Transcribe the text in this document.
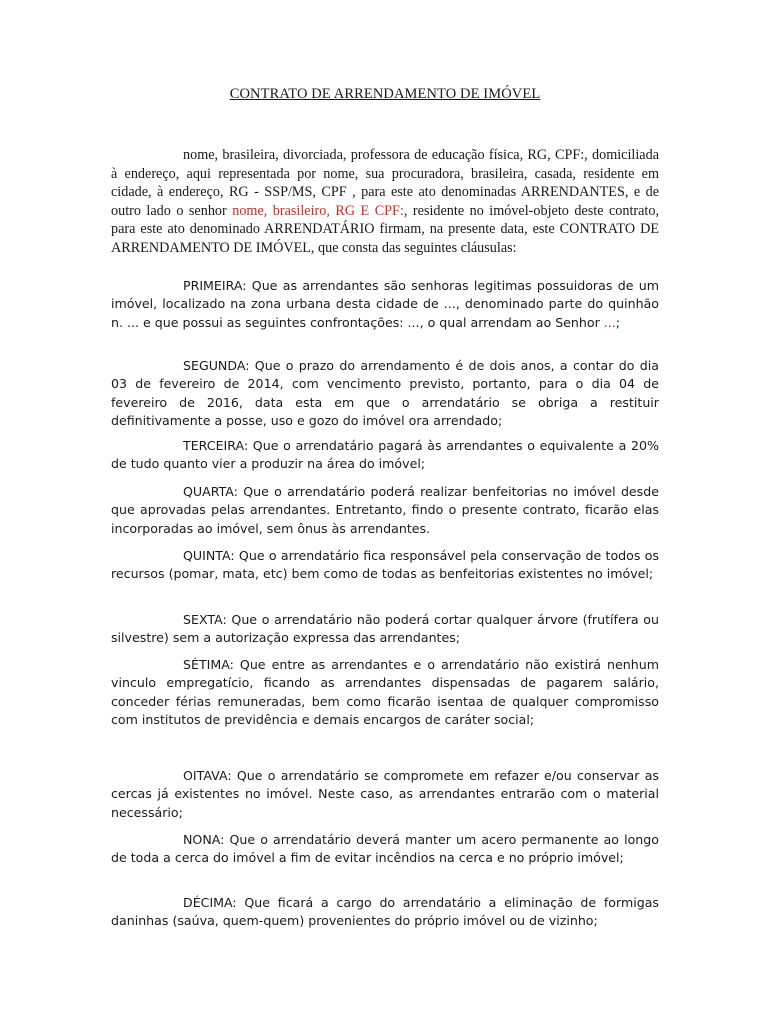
CONTRATO DE ARRENDAMENTO DE IMÓVEL

nome, brasileira, divorciada, professora de educação física, RG, CPF:, domiciliada à endereço, aqui representada por nome, sua procuradora, brasileira, casada, residente em cidade, à endereço, RG - SSP/MS, CPF , para este ato denominadas ARRENDANTES, e de outro lado o senhor nome, brasileiro, RG E CPF:, residente no imóvel-objeto deste contrato, para este ato denominado ARRENDATÁRIO firmam, na presente data, este CONTRATO DE ARRENDAMENTO DE IMÓVEL, que consta das seguintes cláusulas:

PRIMEIRA: Que as arrendantes são senhoras legitimas possuidoras de um imóvel, localizado na zona urbana desta cidade de ..., denominado parte do quinhão n. ... e que possui as seguintes confrontações: ..., o qual arrendam ao Senhor ...;

SEGUNDA: Que o prazo do arrendamento é de dois anos, a contar do dia 03 de fevereiro de 2014, com vencimento previsto, portanto, para o dia 04 de fevereiro de 2016, data esta em que o arrendatário se obriga a restituir definitivamente a posse, uso e gozo do imóvel ora arrendado;

TERCEIRA: Que o arrendatário pagará às arrendantes o equivalente a 20% de tudo quanto vier a produzir na área do imóvel;

QUARTA: Que o arrendatário poderá realizar benfeitorias no imóvel desde que aprovadas pelas arrendantes. Entretanto, findo o presente contrato, ficarão elas incorporadas ao imóvel, sem ônus às arrendantes.

QUINTA: Que o arrendatário fica responsável pela conservação de todos os recursos (pomar, mata, etc) bem como de todas as benfeitorias existentes no imóvel;

SEXTA: Que o arrendatário não poderá cortar qualquer árvore (frutífera ou silvestre) sem a autorização expressa das arrendantes;

SÉTIMA: Que entre as arrendantes e o arrendatário não existirá nenhum vinculo empregatício, ficando as arrendantes dispensadas de pagarem salário, conceder férias remuneradas, bem como ficarão isentaa de qualquer compromisso com institutos de previdência e demais encargos de caráter social;

OITAVA: Que o arrendatário se compromete em refazer e/ou conservar as cercas já existentes no imóvel. Neste caso, as arrendantes entrarão com o material necessário;

NONA: Que o arrendatário deverá manter um acero permanente ao longo de toda a cerca do imóvel a fim de evitar incêndios na cerca e no próprio imóvel;

DÉCIMA: Que ficará a cargo do arrendatário a eliminação de formigas daninhas (saúva, quem-quem) provenientes do próprio imóvel ou de vizinho;
